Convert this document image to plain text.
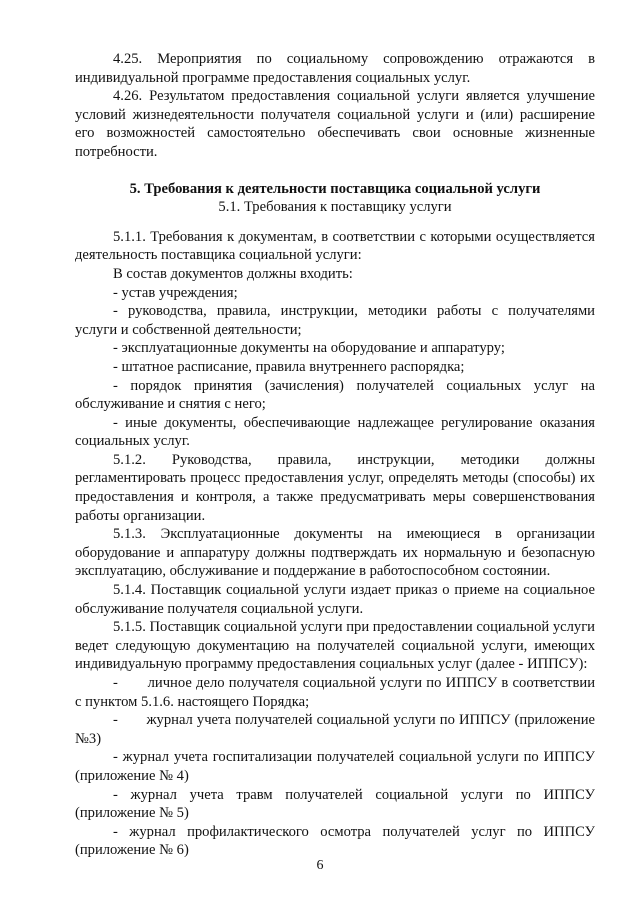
4.25. Мероприятия по социальному сопровождению отражаются в индивидуальной программе предоставления социальных услуг.

4.26. Результатом предоставления социальной услуги является улучшение условий жизнедеятельности получателя социальной услуги и (или) расширение его возможностей самостоятельно обеспечивать свои основные жизненные потребности.

5. Требования к деятельности поставщика социальной услуги

5.1. Требования к поставщику услуги

5.1.1. Требования к документам, в соответствии с которыми осуществляется деятельность поставщика социальной услуги:

В состав документов должны входить:

- устав учреждения;

- руководства, правила, инструкции, методики работы с получателями услуги и собственной деятельности;

- эксплуатационные документы на оборудование и аппаратуру;

- штатное расписание, правила внутреннего распорядка;

- порядок принятия (зачисления) получателей социальных услуг на обслуживание и снятия с него;

- иные документы, обеспечивающие надлежащее регулирование оказания социальных услуг.

5.1.2. Руководства, правила, инструкции, методики должны регламентировать процесс предоставления услуг, определять методы (способы) их предоставления и контроля, а также предусматривать меры совершенствования работы организации.

5.1.3. Эксплуатационные документы на имеющиеся в организации оборудование и аппаратуру должны подтверждать их нормальную и безопасную эксплуатацию, обслуживание и поддержание в работоспособном состоянии.

5.1.4. Поставщик социальной услуги издает приказ о приеме на социальное обслуживание получателя социальной услуги.

5.1.5. Поставщик социальной услуги при предоставлении социальной услуги ведет следующую документацию на получателей социальной услуги, имеющих индивидуальную программу предоставления социальных услуг (далее - ИППСУ):

-       личное дело получателя социальной услуги по ИППСУ в соответствии с пунктом 5.1.6. настоящего Порядка;

-       журнал учета получателей социальной услуги по ИППСУ (приложение №3)

- журнал учета госпитализации получателей социальной услуги по ИППСУ (приложение № 4)

- журнал учета травм получателей социальной услуги по ИППСУ (приложение № 5)

- журнал профилактического осмотра получателей услуг по ИППСУ (приложение № 6)

6
